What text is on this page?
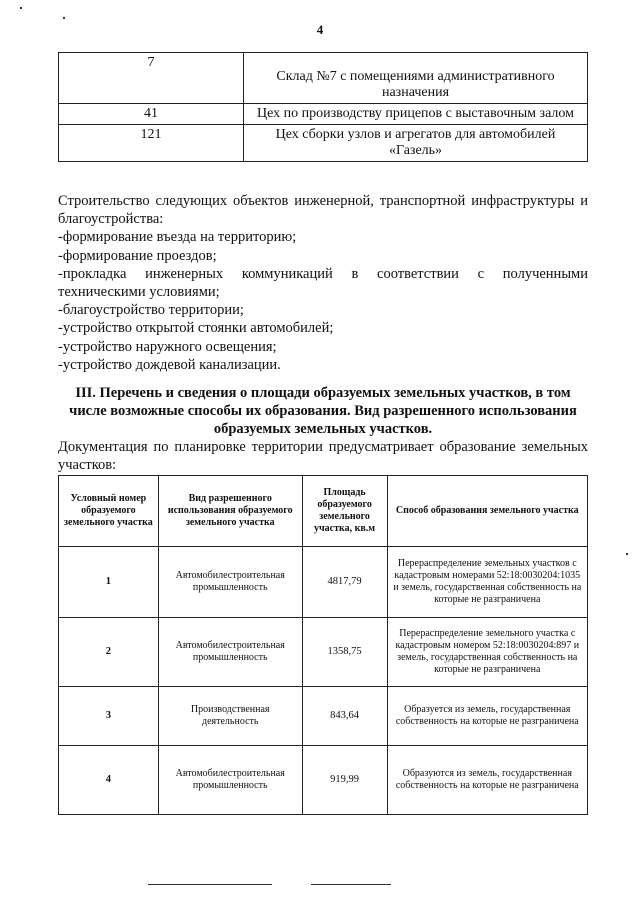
4
7	Склад №7 с помещениями административного назначения
41	Цех по производству прицепов с выставочным залом
121	Цех сборки узлов и агрегатов для автомобилей «Газель»

Строительство следующих объектов инженерной, транспортной инфраструктуры и благоустройства:

-формирование въезда на территорию;

-формирование проездов;

-прокладка инженерных коммуникаций в соответствии с полученными техническими условиями;

-благоустройство территории;

-устройство открытой стоянки автомобилей;

-устройство наружного освещения;

-устройство дождевой канализации.

III. Перечень и сведения о площади образуемых земельных участков, в том числе возможные способы их образования. Вид разрешенного использования образуемых земельных участков.
Документация по планировке территории предусматривает образование земельных участков:
Условный номер образуемого земельного участка	Вид разрешенного использования образуемого земельного участка	Площадь образуемого земельного участка, кв.м	Способ образования земельного участка
1	Автомобилестроительная промышленность	4817,79	Перераспределение земельных участков с кадастровым номерами 52:18:0030204:1035 и земель, государственная собственность на которые не разграничена
2	Автомобилестроительная промышленность	1358,75	Перераспределение земельного участка с кадастровым номером 52:18:0030204:897 и земель, государственная собственность на которые не разграничена
3	Производственная деятельность	843,64	Образуется из земель, государственная собственность на которые не разграничена
4	Автомобилестроительная промышленность	919,99	Образуются из земель, государственная собственность на которые не разграничена
